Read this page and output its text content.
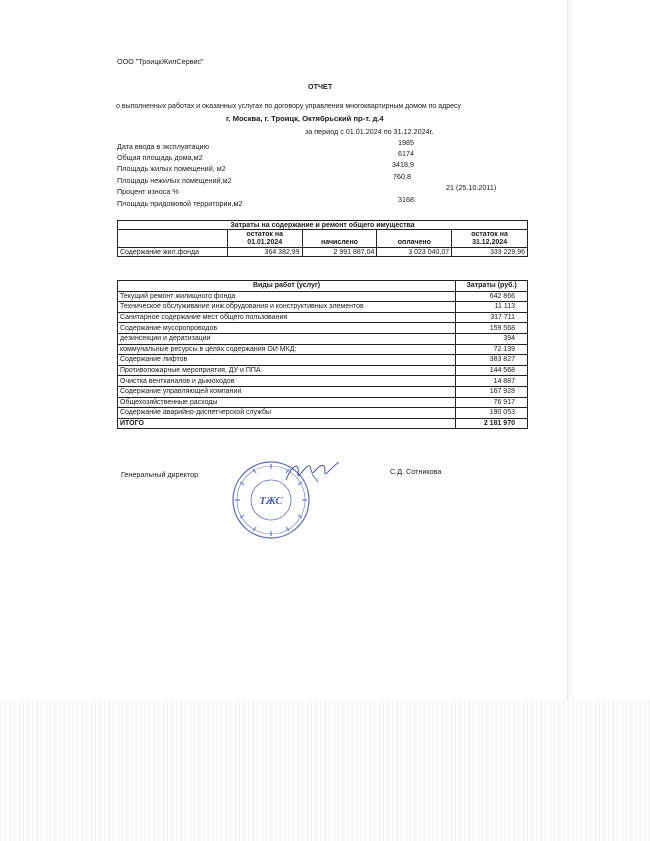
ООО "ТроицкЖилСервис"
ОТЧЕТ
о выполненных работах и оказанных услугах по договору управления многоквартирным домом по адресу
г. Москва, г. Троицк, Октябрьский пр-т. д.4
за период с 01.01.2024 по 31.12.2024г.
Дата ввода в эксплуатацию	1985
Общая площадь дома,м2	6174
Площадь жилых помещений, м2	3418,9
Площадь нежилых помещений,м2	760,8
Процент износа %	21 (25.10.2011)
Площадь придомовой территории,м2	3168
Затраты на содержание и ремонт общего имущества				
	остаток на			остаток на
	01.01.2024	начислено	оплачено	31.12.2024
Содержание жил.фонда	364 382,99	2 991 887,04	3 023 040,07	333 229,96
Виды работ (услуг)	Затраты (руб.)
Текущий ремонт жилищного фонда	642 866
Техническое обслуживание инж.обрудования и конструктивных элементов	11 113
Санитарное содержание мест общего пользования	317 711
Содержание мусоропроводов	159 568
дезинсекции и дератизации	394
коммунальные ресурсы в целях содержания ОИ МКД:	72 139
Содержание лифтов	383 827
Противопожарные мероприятия, ДУ и ППА	144 568
Очистка вентканалов и дымоходов	14 887
Содержание управляющей компании	167 928
Общехозяйственные расходы	76 917
Содержание аварийно-диспетчерской службы	190 053
ИТОГО	2 181 970
Генеральный директор	С.Д. Сотникова
ТЖС
